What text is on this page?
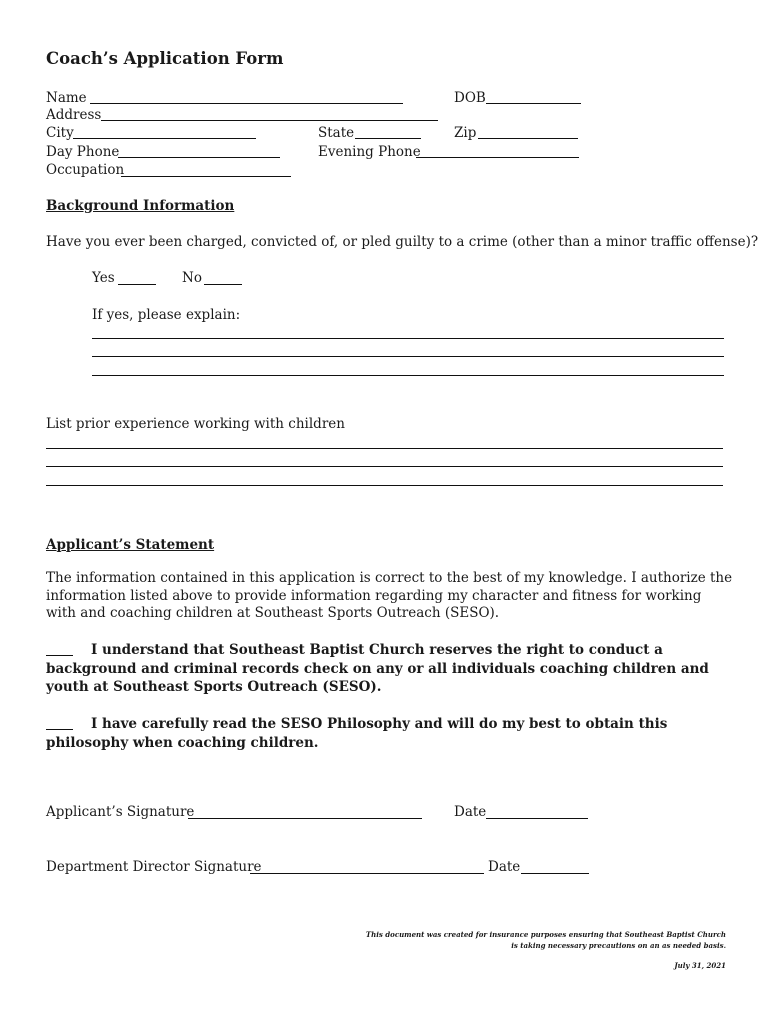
Coach’s Application Form
Name	DOB
Address
City	State	Zip
Day Phone	Evening Phone
Occupation
Background Information
Have you ever been charged, convicted of, or pled guilty to a crime (other than a minor traffic offense)?
Yes	No
If yes, please explain:
List prior experience working with children
Applicant’s Statement
The information contained in this application is correct to the best of my knowledge. I authorize the information listed above to provide information regarding my character and fitness for working with and coaching children at Southeast Sports Outreach (SESO).
I understand that Southeast Baptist Church reserves the right to conduct a background and criminal records check on any or all individuals coaching children and youth at Southeast Sports Outreach (SESO).
I have carefully read the SESO Philosophy and will do my best to obtain this philosophy when coaching children.
Applicant’s Signature	Date
Department Director Signature	Date
This document was created for insurance purposes ensuring that Southeast Baptist Church
is taking necessary precautions on an as needed basis.
July 31, 2021
